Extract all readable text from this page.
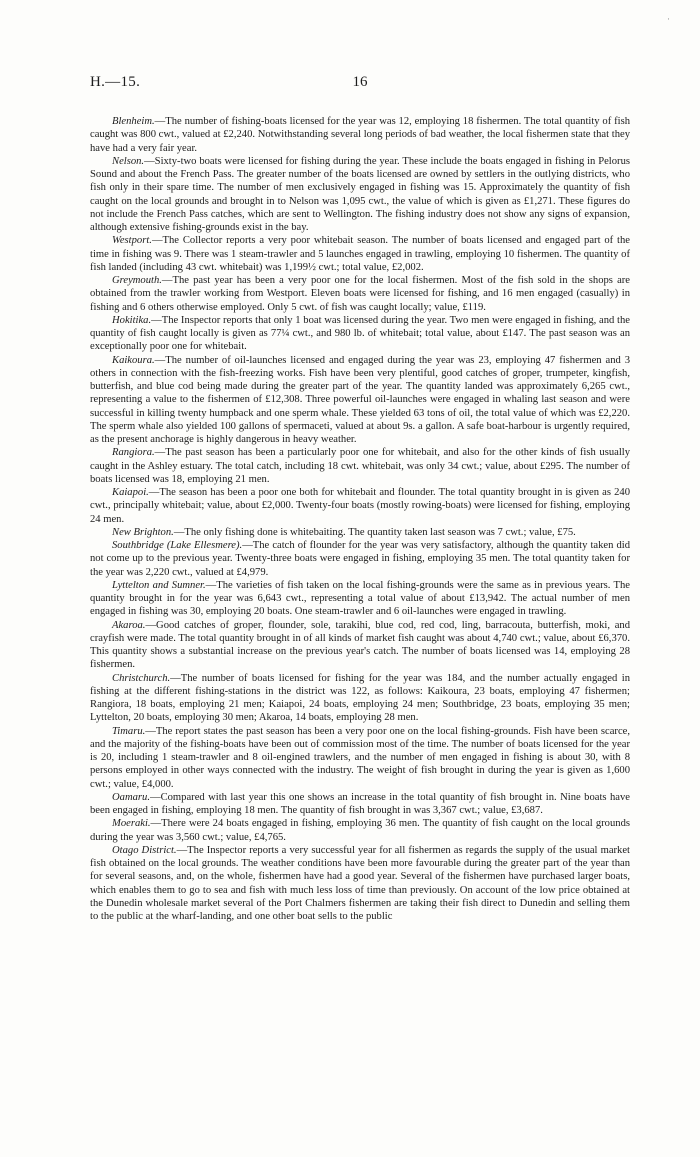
·
H.—15.	16

Blenheim.—The number of fishing-boats licensed for the year was 12, employing 18 fishermen. The total quantity of fish caught was 800 cwt., valued at £2,240. Notwithstanding several long periods of bad weather, the local fishermen state that they have had a very fair year.

Nelson.—Sixty-two boats were licensed for fishing during the year. These include the boats engaged in fishing in Pelorus Sound and about the French Pass. The greater number of the boats licensed are owned by settlers in the outlying districts, who fish only in their spare time. The number of men exclusively engaged in fishing was 15. Approximately the quantity of fish caught on the local grounds and brought in to Nelson was 1,095 cwt., the value of which is given as £1,271. These figures do not include the French Pass catches, which are sent to Wellington. The fishing industry does not show any signs of expansion, although extensive fishing-grounds exist in the bay.

Westport.—The Collector reports a very poor whitebait season. The number of boats licensed and engaged part of the time in fishing was 9. There was 1 steam-trawler and 5 launches engaged in trawling, employing 10 fishermen. The quantity of fish landed (including 43 cwt. whitebait) was 1,199½ cwt.; total value, £2,002.

Greymouth.—The past year has been a very poor one for the local fishermen. Most of the fish sold in the shops are obtained from the trawler working from Westport. Eleven boats were licensed for fishing, and 16 men engaged (casually) in fishing and 6 others otherwise employed. Only 5 cwt. of fish was caught locally; value, £119.

Hokitika.—The Inspector reports that only 1 boat was licensed during the year. Two men were engaged in fishing, and the quantity of fish caught locally is given as 77¼ cwt., and 980 lb. of whitebait; total value, about £147. The past season was an exceptionally poor one for whitebait.

Kaikoura.—The number of oil-launches licensed and engaged during the year was 23, employing 47 fishermen and 3 others in connection with the fish-freezing works. Fish have been very plentiful, good catches of groper, trumpeter, kingfish, butterfish, and blue cod being made during the greater part of the year. The quantity landed was approximately 6,265 cwt., representing a value to the fishermen of £12,308. Three powerful oil-launches were engaged in whaling last season and were successful in killing twenty humpback and one sperm whale. These yielded 63 tons of oil, the total value of which was £2,220. The sperm whale also yielded 100 gallons of spermaceti, valued at about 9s. a gallon. A safe boat-harbour is urgently required, as the present anchorage is highly dangerous in heavy weather.

Rangiora.—The past season has been a particularly poor one for whitebait, and also for the other kinds of fish usually caught in the Ashley estuary. The total catch, including 18 cwt. whitebait, was only 34 cwt.; value, about £295. The number of boats licensed was 18, employing 21 men.

Kaiapoi.—The season has been a poor one both for whitebait and flounder. The total quantity brought in is given as 240 cwt., principally whitebait; value, about £2,000. Twenty-four boats (mostly rowing-boats) were licensed for fishing, employing 24 men.

New Brighton.—The only fishing done is whitebaiting. The quantity taken last season was 7 cwt.; value, £75.

Southbridge (Lake Ellesmere).—The catch of flounder for the year was very satisfactory, although the quantity taken did not come up to the previous year. Twenty-three boats were engaged in fishing, employing 35 men. The total quantity taken for the year was 2,220 cwt., valued at £4,979.

Lyttelton and Sumner.—The varieties of fish taken on the local fishing-grounds were the same as in previous years. The quantity brought in for the year was 6,643 cwt., representing a total value of about £13,942. The actual number of men engaged in fishing was 30, employing 20 boats. One steam-trawler and 6 oil-launches were engaged in trawling.

Akaroa.—Good catches of groper, flounder, sole, tarakihi, blue cod, red cod, ling, barracouta, butterfish, moki, and crayfish were made. The total quantity brought in of all kinds of market fish caught was about 4,740 cwt.; value, about £6,370. This quantity shows a substantial increase on the previous year's catch. The number of boats licensed was 14, employing 28 fishermen.

Christchurch.—The number of boats licensed for fishing for the year was 184, and the number actually engaged in fishing at the different fishing-stations in the district was 122, as follows: Kaikoura, 23 boats, employing 47 fishermen; Rangiora, 18 boats, employing 21 men; Kaiapoi, 24 boats, employing 24 men; Southbridge, 23 boats, employing 35 men; Lyttelton, 20 boats, employing 30 men; Akaroa, 14 boats, employing 28 men.

Timaru.—The report states the past season has been a very poor one on the local fishing-grounds. Fish have been scarce, and the majority of the fishing-boats have been out of commission most of the time. The number of boats licensed for the year is 20, including 1 steam-trawler and 8 oil-engined trawlers, and the number of men engaged in fishing is about 30, with 8 persons employed in other ways connected with the industry. The weight of fish brought in during the year is given as 1,600 cwt.; value, £4,000.

Oamaru.—Compared with last year this one shows an increase in the total quantity of fish brought in. Nine boats have been engaged in fishing, employing 18 men. The quantity of fish brought in was 3,367 cwt.; value, £3,687.

Moeraki.—There were 24 boats engaged in fishing, employing 36 men. The quantity of fish caught on the local grounds during the year was 3,560 cwt.; value, £4,765.

Otago District.—The Inspector reports a very successful year for all fishermen as regards the supply of the usual market fish obtained on the local grounds. The weather conditions have been more favourable during the greater part of the year than for several seasons, and, on the whole, fishermen have had a good year. Several of the fishermen have purchased larger boats, which enables them to go to sea and fish with much less loss of time than previously. On account of the low price obtained at the Dunedin wholesale market several of the Port Chalmers fishermen are taking their fish direct to Dunedin and selling them to the public at the wharf-landing, and one other boat sells to the public
